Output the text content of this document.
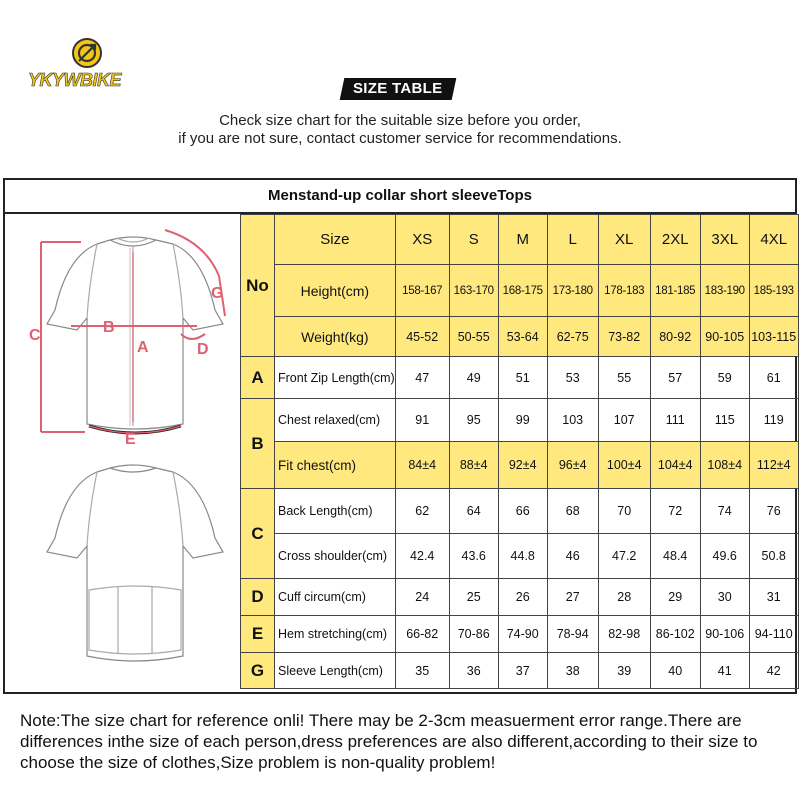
YKYWBIKE	SIZE TABLE
Check size chart for the suitable size before you order,
if you are not sure, contact customer service for recommendations.
Menstand-up collar short sleeveTops
C	B
A
G
D
E
No	Size	XS	S	M	L	XL	2XL	3XL	4XL
	Height(cm)	158-167	163-170	168-175	173-180	178-183	181-185	183-190	185-193
	Weight(kg)	45-52	50-55	53-64	62-75	73-82	80-92	90-105	103-115
A	Front Zip Length(cm)	47	49	51	53	55	57	59	61
B	Chest relaxed(cm)	91	95	99	103	107	111	115	119
	Fit chest(cm)	84±4	88±4	92±4	96±4	100±4	104±4	108±4	112±4
C	Back Length(cm)	62	64	66	68	70	72	74	76
	Cross shoulder(cm)	42.4	43.6	44.8	46	47.2	48.4	49.6	50.8
D	Cuff circum(cm)	24	25	26	27	28	29	30	31
E	Hem stretching(cm)	66-82	70-86	74-90	78-94	82-98	86-102	90-106	94-110
G	Sleeve Length(cm)	35	36	37	38	39	40	41	42
Note:The size chart for reference onli! There may be 2-3cm measuerment error range.There are differences inthe size of each person,dress preferences are also different,according to their size to choose the size of clothes,Size problem is non-quality problem!
